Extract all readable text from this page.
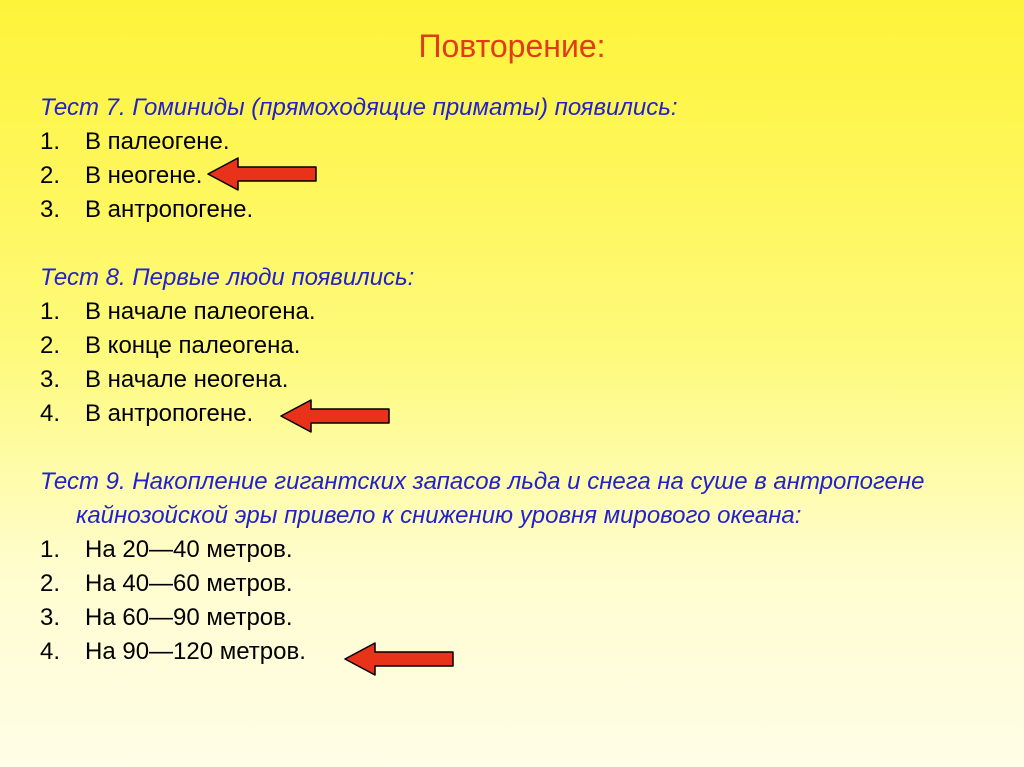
Повторение:
Тест 7. Гоминиды (прямоходящие приматы) появились:
1. В палеогене.
2. В неогене.
3. В антропогене.
Тест 8. Первые люди появились:
1. В начале палеогена.
2. В конце палеогена.
3. В начале неогена.
4. В антропогене.
Тест 9. Накопление гигантских запасов льда и снега на суше в антропогене кайнозойской эры привело к снижению уровня мирового океана:
1. На 20—40 метров.
2. На 40—60 метров.
3. На 60—90 метров.
4. На 90—120 метров.
